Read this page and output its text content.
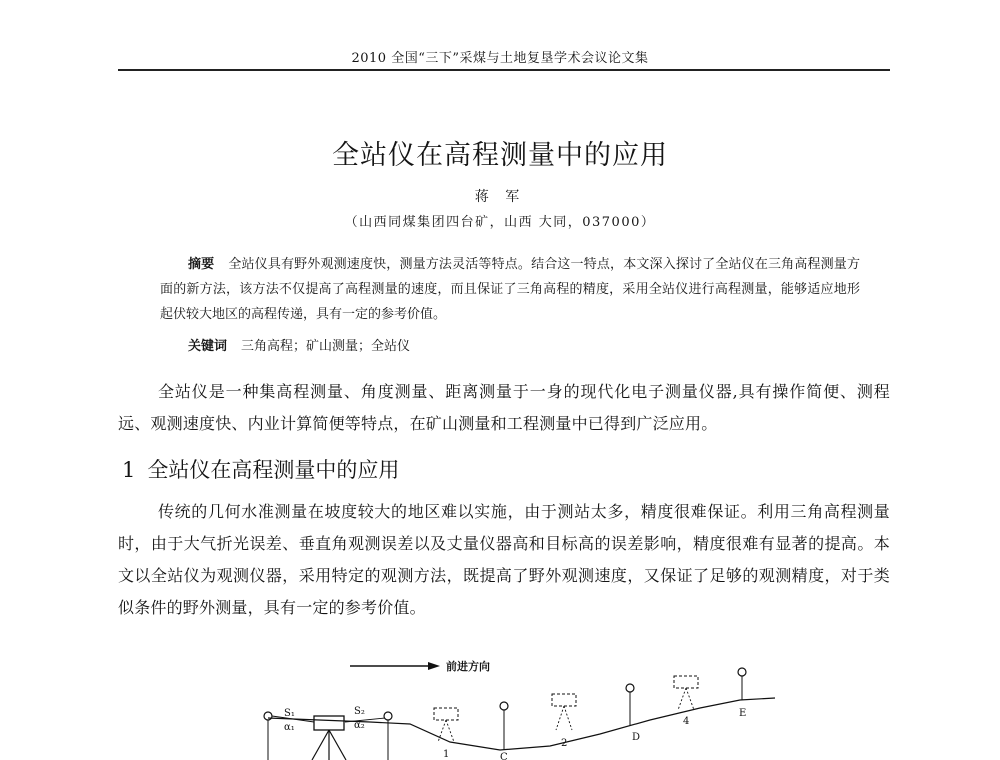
2010 全国“三下”采煤与土地复垦学术会议论文集
全站仪在高程测量中的应用
蒋 军
（山西同煤集团四台矿，山西 大同，037000）
摘要 全站仪具有野外观测速度快，测量方法灵活等特点。结合这一特点，本文深入探讨了全站仪在三角高程测量方面的新方法，该方法不仅提高了高程测量的速度，而且保证了三角高程的精度，采用全站仪进行高程测量，能够适应地形起伏较大地区的高程传递，具有一定的参考价值。
关键词 三角高程；矿山测量；全站仪
全站仪是一种集高程测量、角度测量、距离测量于一身的现代化电子测量仪器,具有操作简便、测程远、观测速度快、内业计算简便等特点，在矿山测量和工程测量中已得到广泛应用。
1 全站仪在高程测量中的应用
传统的几何水准测量在坡度较大的地区难以实施，由于测站太多，精度很难保证。利用三角高程测量时，由于大气折光误差、垂直角观测误差以及丈量仪器高和目标高的误差影响，精度很难有显著的提高。本文以全站仪为观测仪器，采用特定的观测方法，既提高了野外观测速度，又保证了足够的观测精度，对于类似条件的野外测量，具有一定的参考价值。
前进方向
S₁
α₁
S₂
α₂
1	C
2
D
4
E
